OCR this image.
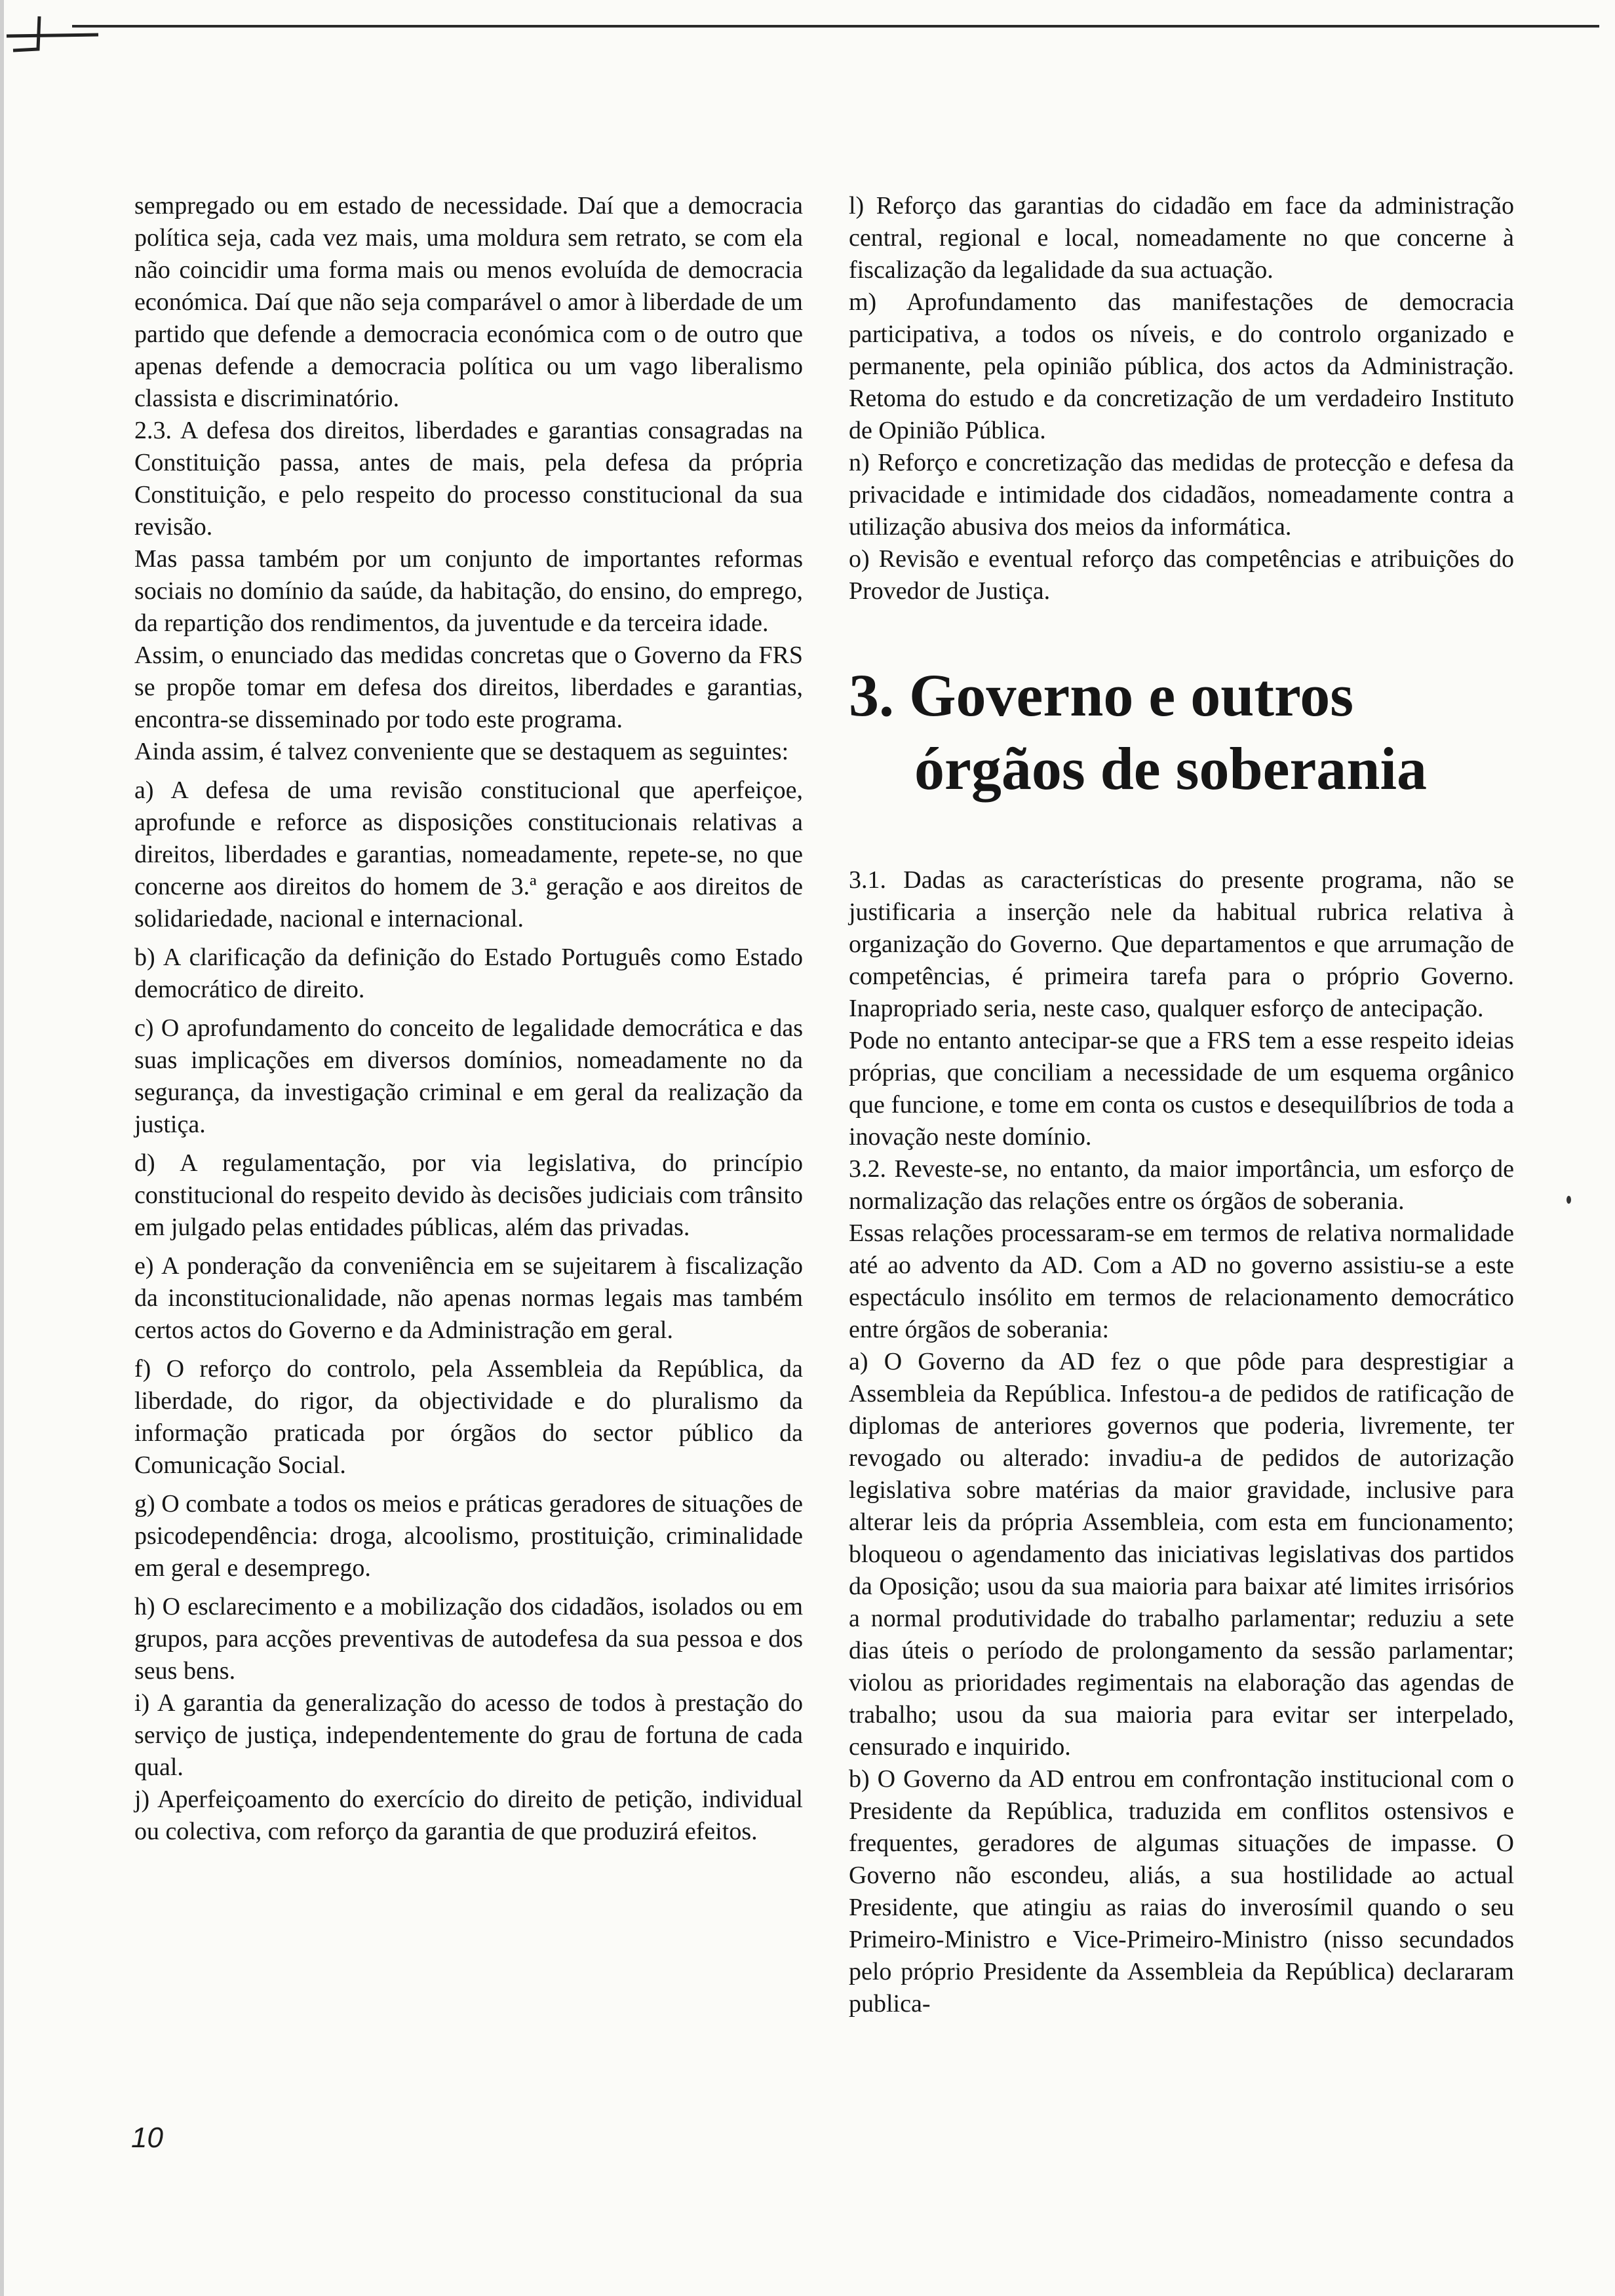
sempregado ou em estado de necessidade. Daí que a democracia política seja, cada vez mais, uma moldura sem retrato, se com ela não coincidir uma forma mais ou menos evoluída de democracia económica. Daí que não seja comparável o amor à liberdade de um partido que defende a democracia económica com o de outro que apenas defende a democracia política ou um vago liberalismo classista e discriminatório.

2.3. A defesa dos direitos, liberdades e garantias consagradas na Constituição passa, antes de mais, pela defesa da própria Constituição, e pelo respeito do processo constitucional da sua revisão.

Mas passa também por um conjunto de importantes reformas sociais no domínio da saúde, da habitação, do ensino, do emprego, da repartição dos rendimentos, da juventude e da terceira idade.

Assim, o enunciado das medidas concretas que o Governo da FRS se propõe tomar em defesa dos direitos, liberdades e garantias, encontra-se disseminado por todo este programa.

Ainda assim, é talvez conveniente que se destaquem as seguintes:

a) A defesa de uma revisão constitucional que aperfeiçoe, aprofunde e reforce as disposições constitucionais relativas a direitos, liberdades e garantias, nomeadamente, repete-se, no que concerne aos direitos do homem de 3.ª geração e aos direitos de solidariedade, nacional e internacional.

b) A clarificação da definição do Estado Português como Estado democrático de direito.

c) O aprofundamento do conceito de legalidade democrática e das suas implicações em diversos domínios, nomeadamente no da segurança, da investigação criminal e em geral da realização da justiça.

d) A regulamentação, por via legislativa, do princípio constitucional do respeito devido às decisões judiciais com trânsito em julgado pelas entidades públicas, além das privadas.

e) A ponderação da conveniência em se sujeitarem à fiscalização da inconstitucionalidade, não apenas normas legais mas também certos actos do Governo e da Administração em geral.

f) O reforço do controlo, pela Assembleia da República, da liberdade, do rigor, da objectividade e do pluralismo da informação praticada por órgãos do sector público da Comunicação Social.

g) O combate a todos os meios e práticas geradores de situações de psicodependência: droga, alcoolismo, prostituição, criminalidade em geral e desemprego.

h) O esclarecimento e a mobilização dos cidadãos, isolados ou em grupos, para acções preventivas de autodefesa da sua pessoa e dos seus bens.

i) A garantia da generalização do acesso de todos à prestação do serviço de justiça, independentemente do grau de fortuna de cada qual.

j) Aperfeiçoamento do exercício do direito de petição, individual ou colectiva, com reforço da garantia de que produzirá efeitos.

l) Reforço das garantias do cidadão em face da administração central, regional e local, nomeadamente no que concerne à fiscalização da legalidade da sua actuação.

m) Aprofundamento das manifestações de democracia participativa, a todos os níveis, e do controlo organizado e permanente, pela opinião pública, dos actos da Administração. Retoma do estudo e da concretização de um verdadeiro Instituto de Opinião Pública.

n) Reforço e concretização das medidas de protecção e defesa da privacidade e intimidade dos cidadãos, nomeadamente contra a utilização abusiva dos meios da informática.

o) Revisão e eventual reforço das competências e atribuições do Provedor de Justiça.

3. Governo e outros
órgãos de soberania

3.1. Dadas as características do presente programa, não se justificaria a inserção nele da habitual rubrica relativa à organização do Governo. Que departamentos e que arrumação de competências, é primeira tarefa para o próprio Governo. Inapropriado seria, neste caso, qualquer esforço de antecipação.

Pode no entanto antecipar-se que a FRS tem a esse respeito ideias próprias, que conciliam a necessidade de um esquema orgânico que funcione, e tome em conta os custos e desequilíbrios de toda a inovação neste domínio.

3.2. Reveste-se, no entanto, da maior importância, um esforço de normalização das relações entre os órgãos de soberania.

Essas relações processaram-se em termos de relativa normalidade até ao advento da AD. Com a AD no governo assistiu-se a este espectáculo insólito em termos de relacionamento democrático entre órgãos de soberania:

a) O Governo da AD fez o que pôde para desprestigiar a Assembleia da República. Infestou-a de pedidos de ratificação de diplomas de anteriores governos que poderia, livremente, ter revogado ou alterado: invadiu-a de pedidos de autorização legislativa sobre matérias da maior gravidade, inclusive para alterar leis da própria Assembleia, com esta em funcionamento; bloqueou o agendamento das iniciativas legislativas dos partidos da Oposição; usou da sua maioria para baixar até limites irrisórios a normal produtividade do trabalho parlamentar; reduziu a sete dias úteis o período de prolongamento da sessão parlamentar; violou as prioridades regimentais na elaboração das agendas de trabalho; usou da sua maioria para evitar ser interpelado, censurado e inquirido.

b) O Governo da AD entrou em confrontação institucional com o Presidente da República, traduzida em conflitos ostensivos e frequentes, geradores de algumas situações de impasse. O Governo não escondeu, aliás, a sua hostilidade ao actual Presidente, que atingiu as raias do inverosímil quando o seu Primeiro-Ministro e Vice-Primeiro-Ministro (nisso secundados pelo próprio Presidente da Assembleia da República) declararam publica-

10
